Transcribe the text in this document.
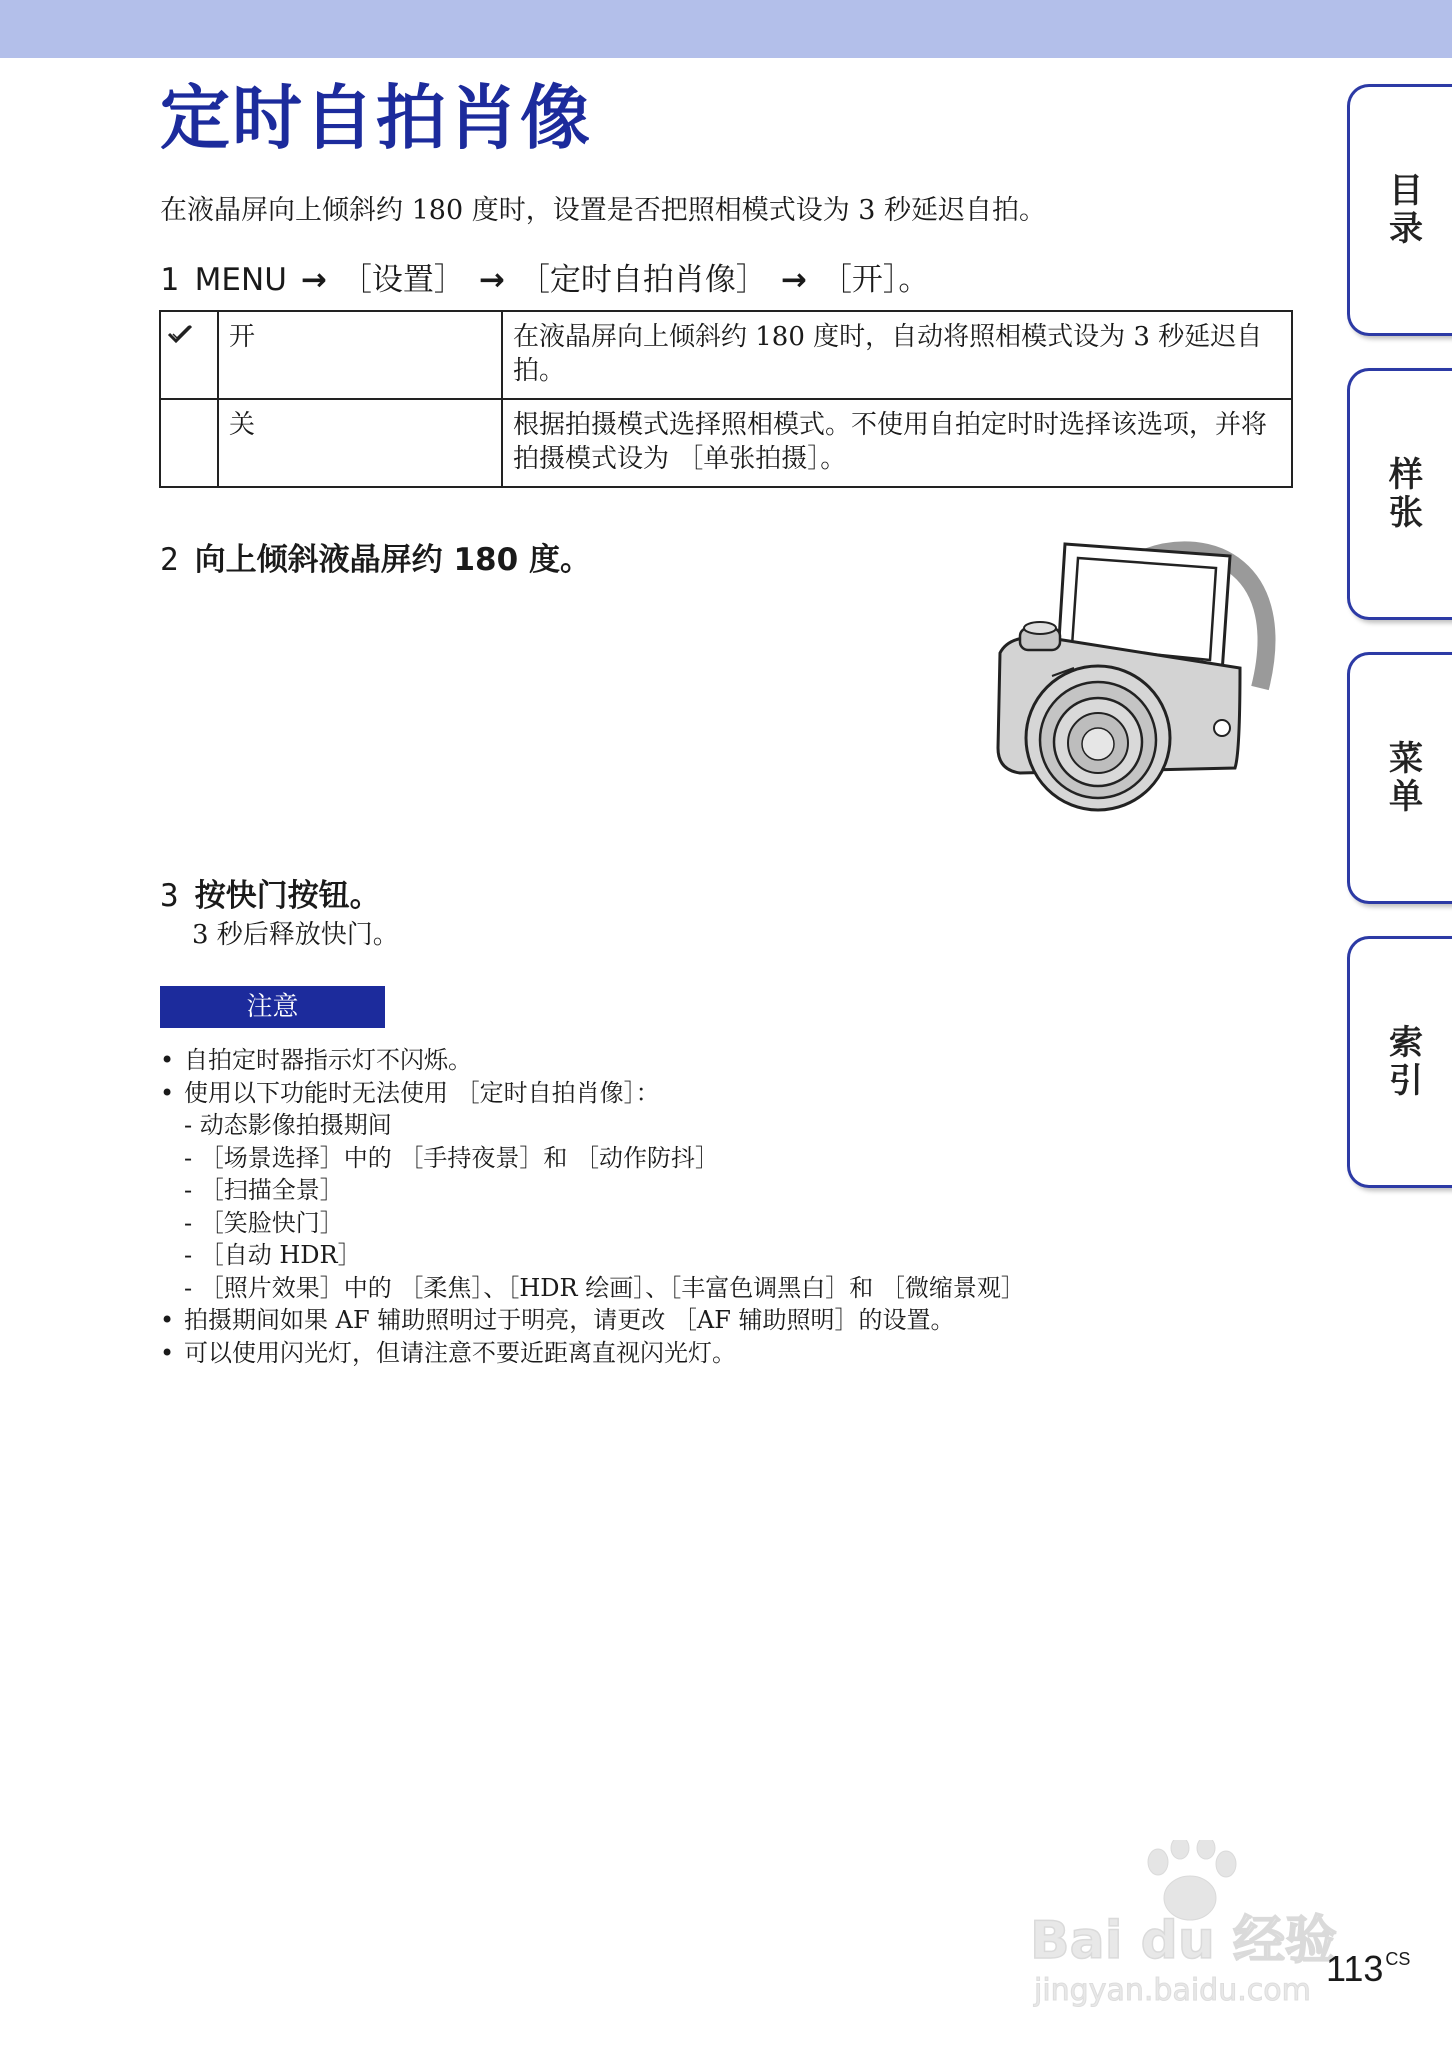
定时自拍肖像
在液晶屏向上倾斜约 180 度时，设置是否把照相模式设为 3 秒延迟自拍。
1 MENU → ［设置］ → ［定时自拍肖像］ → ［开］。
	开	在液晶屏向上倾斜约 180 度时，自动将照相模式设为 3 秒延迟自拍。
	关	根据拍摄模式选择照相模式。不使用自拍定时时选择该选项，并将拍摄模式设为 ［单张拍摄］。
2 向上倾斜液晶屏约 180 度。
3 按快门按钮。
3 秒后释放快门。
注意
• 自拍定时器指示灯不闪烁。
• 使用以下功能时无法使用 ［定时自拍肖像］：
- 动态影像拍摄期间
- ［场景选择］中的 ［手持夜景］和 ［动作防抖］
- ［扫描全景］
- ［笑脸快门］
- ［自动 HDR］
- ［照片效果］中的 ［柔焦］、［HDR 绘画］、［丰富色调黑白］和 ［微缩景观］
• 拍摄期间如果 AF 辅助照明过于明亮，请更改 ［AF 辅助照明］的设置。
• 可以使用闪光灯，但请注意不要近距离直视闪光灯。
目录
样张
菜单
索引
Bai du 经验
jingyan.baidu.com
113 $^{CS}$
